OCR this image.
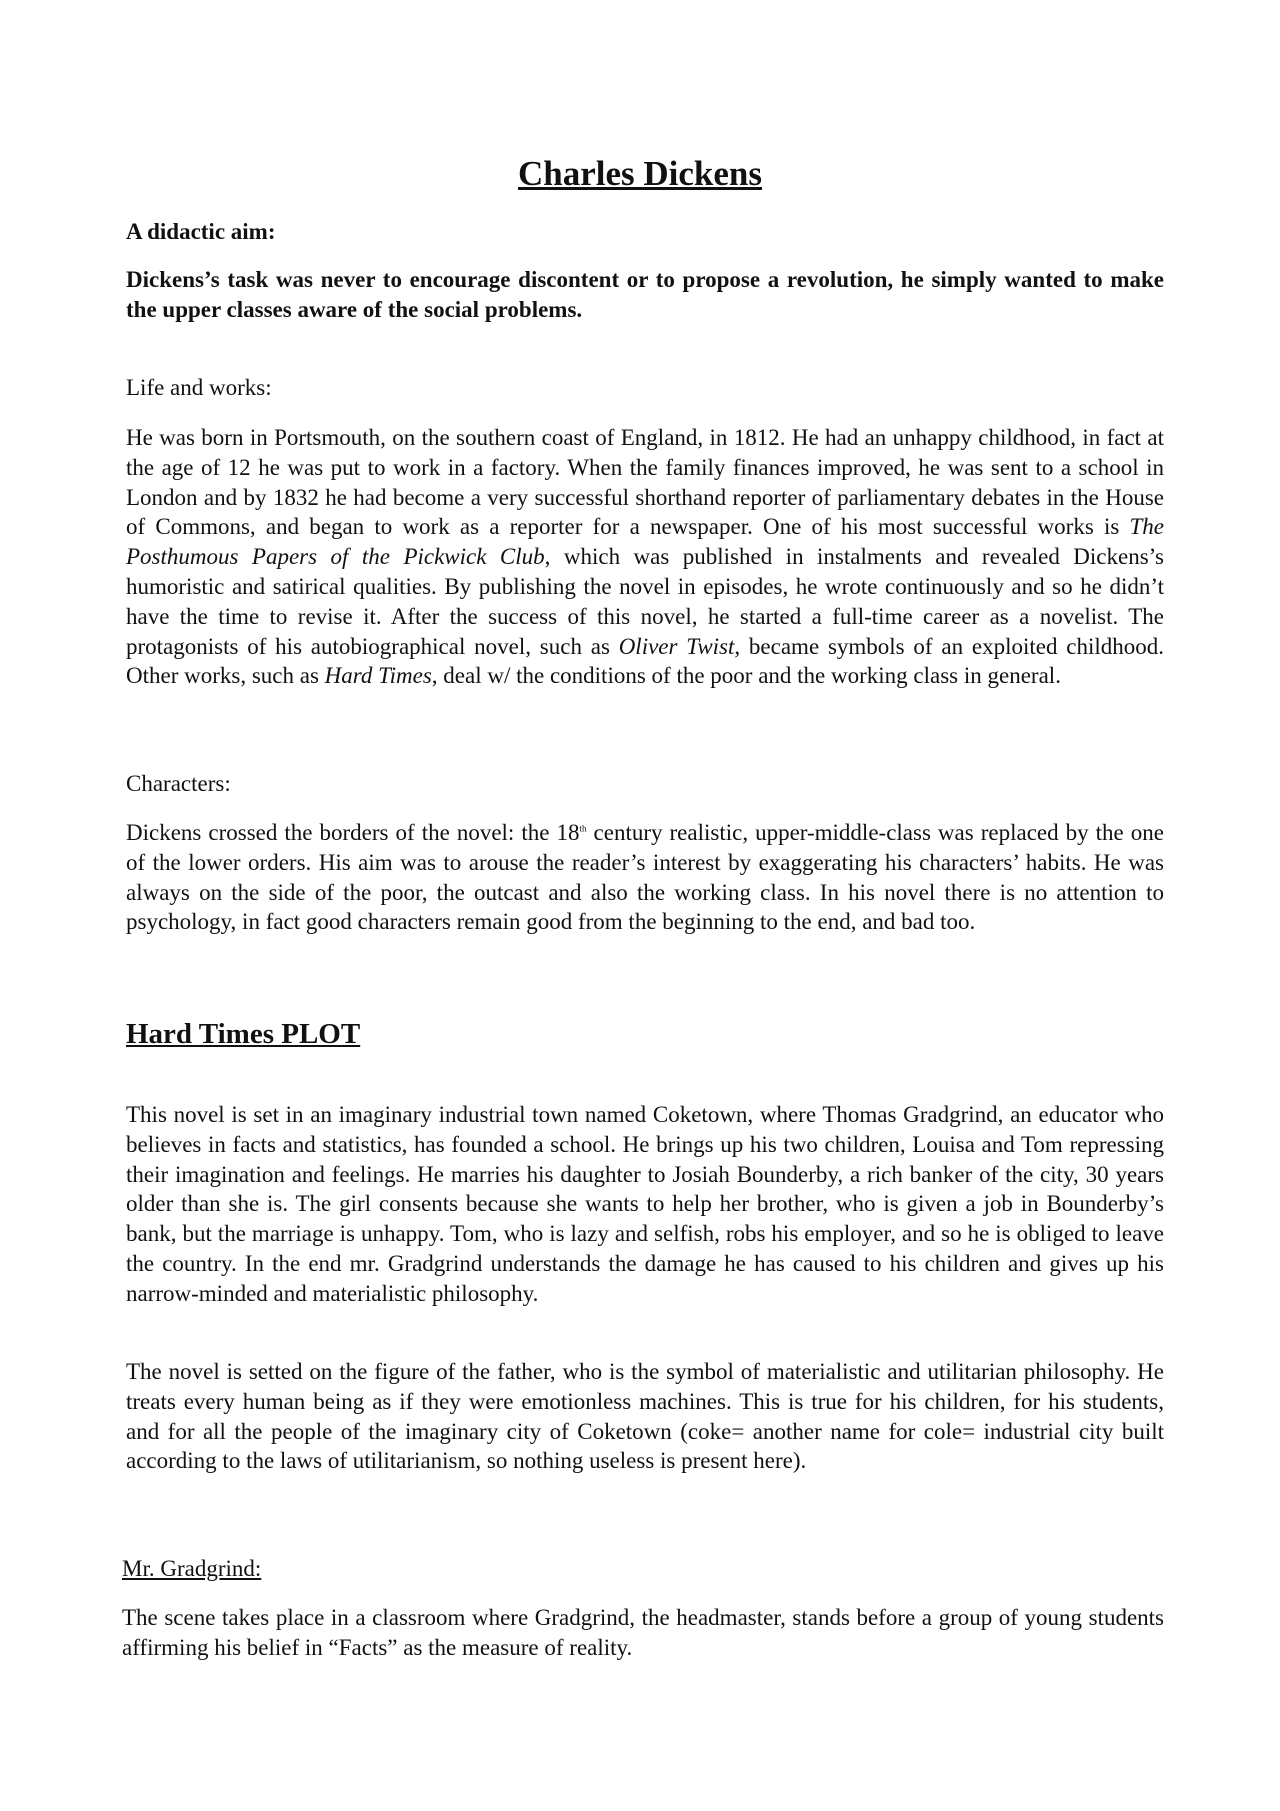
Charles Dickens

A didactic aim:

Dickens’s task was never to encourage discontent or to propose a revolution, he simply wanted to make the upper classes aware of the social problems.

Life and works:

He was born in Portsmouth, on the southern coast of England, in 1812. He had an unhappy childhood, in fact at the age of 12 he was put to work in a factory. When the family finances improved, he was sent to a school in London and by 1832 he had become a very successful shorthand reporter of parliamentary debates in the House of Commons, and began to work as a reporter for a newspaper. One of his most successful works is The Posthumous Papers of the Pickwick Club, which was published in instalments and revealed Dickens’s humoristic and satirical qualities. By publishing the novel in episodes, he wrote continuously and so he didn’t have the time to revise it. After the success of this novel, he started a full-time career as a novelist. The protagonists of his autobiographical novel, such as Oliver Twist, became symbols of an exploited childhood. Other works, such as Hard Times, deal w/ the conditions of the poor and the working class in general.

Characters:

Dickens crossed the borders of the novel: the 18th century realistic, upper-middle-class was replaced by the one of the lower orders. His aim was to arouse the reader’s interest by exaggerating his characters’ habits. He was always on the side of the poor, the outcast and also the working class. In his novel there is no attention to psychology, in fact good characters remain good from the beginning to the end, and bad too.

Hard Times PLOT

This novel is set in an imaginary industrial town named Coketown, where Thomas Gradgrind, an educator who believes in facts and statistics, has founded a school. He brings up his two children, Louisa and Tom repressing their imagination and feelings. He marries his daughter to Josiah Bounderby, a rich banker of the city, 30 years older than she is. The girl consents because she wants to help her brother, who is given a job in Bounderby’s bank, but the marriage is unhappy. Tom, who is lazy and selfish, robs his employer, and so he is obliged to leave the country. In the end mr. Gradgrind understands the damage he has caused to his children and gives up his narrow-minded and materialistic philosophy.

The novel is setted on the figure of the father, who is the symbol of materialistic and utilitarian philosophy. He treats every human being as if they were emotionless machines. This is true for his children, for his students, and for all the people of the imaginary city of Coketown (coke= another name for cole= industrial city built according to the laws of utilitarianism, so nothing useless is present here).

Mr. Gradgrind:

The scene takes place in a classroom where Gradgrind, the headmaster, stands before a group of young students affirming his belief in “Facts” as the measure of reality.
